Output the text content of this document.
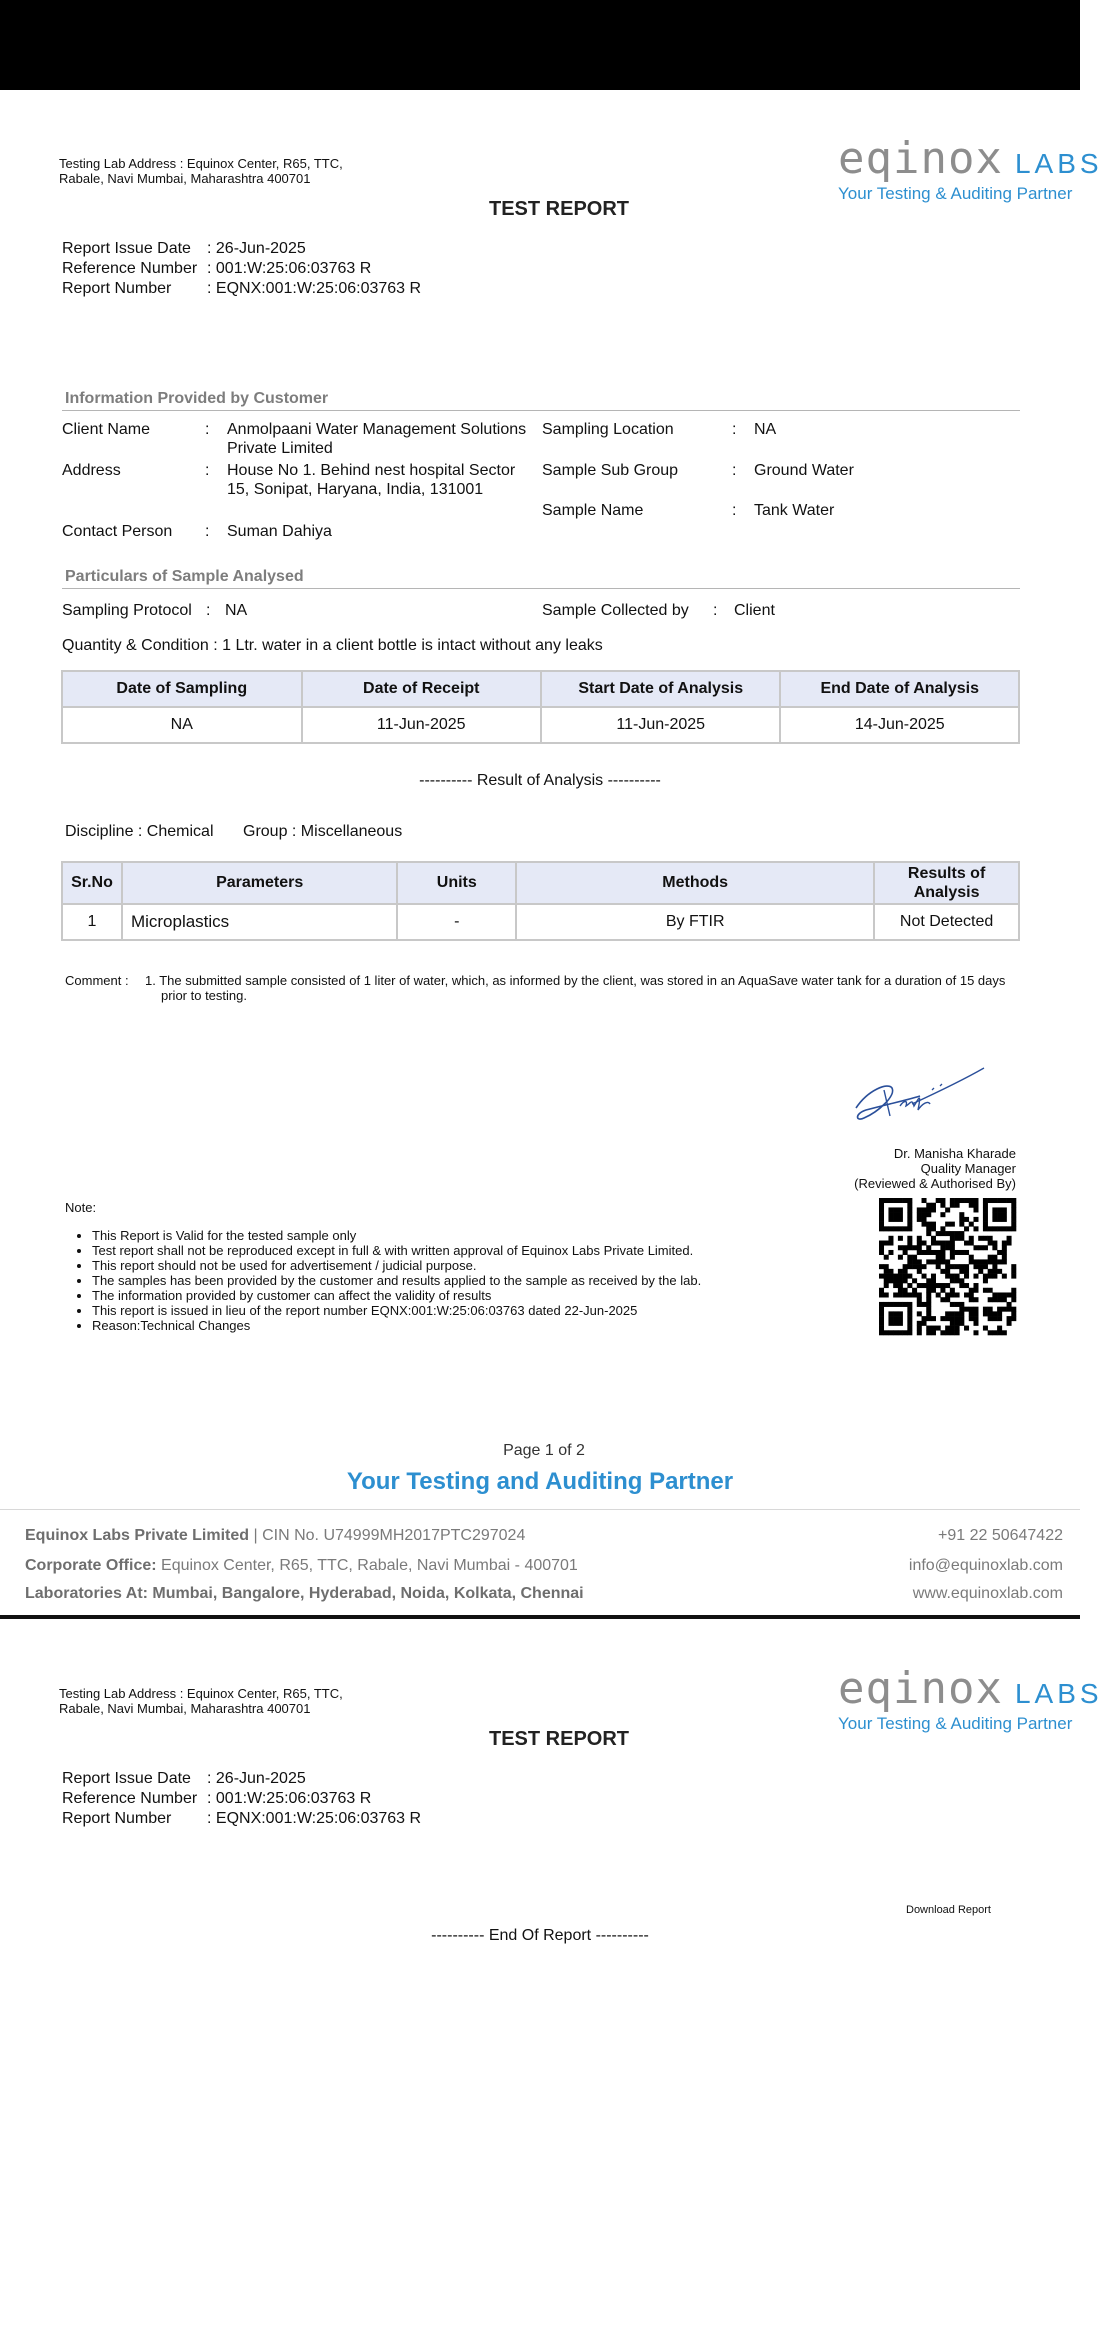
Testing Lab Address : Equinox Center, R65, TTC, Rabale, Navi Mumbai, Maharashtra 400701	eqinox LABS
Your Testing & Auditing Partner
TEST REPORT
Report Issue Date	: 26-Jun-2025
Reference Number : 001:W:25:06:03763 R
Report Number	: EQNX:001:W:25:06:03763 R
Information Provided by Customer
Client Name	: Anmolpaani Water Management Solutions Private Limited
Address	: House No 1. Behind nest hospital Sector 15, Sonipat, Haryana, India, 131001
Contact Person : Suman Dahiya
Sampling Location	: NA
Sample Sub Group	: Ground Water
Sample Name	: Tank Water
Particulars of Sample Analysed
Sampling Protocol : NA	Sample Collected by : Client
Quantity & Condition : 1 Ltr. water in a client bottle is intact without any leaks
Date of Sampling	Date of Receipt	Start Date of Analysis	End Date of Analysis
NA	11-Jun-2025	11-Jun-2025	14-Jun-2025
---------- Result of Analysis ----------
Discipline : Chemical Group : Miscellaneous
Sr.No	Parameters	Units	Methods	Results of Analysis
1	Microplastics	-	By FTIR	Not Detected
Comment :	1. The submitted sample consisted of 1 liter of water, which, as informed by the client, was stored in an AquaSave water tank for a duration of 15 days prior to testing.
Dr. Manisha Kharade
Quality Manager
(Reviewed & Authorised By)
Note:
• This Report is Valid for the tested sample only
• Test report shall not be reproduced except in full & with written approval of Equinox Labs Private Limited.
• This report should not be used for advertisement / judicial purpose.
• The samples has been provided by the customer and results applied to the sample as received by the lab.
• The information provided by customer can affect the validity of results
• This report is issued in lieu of the report number EQNX:001:W:25:06:03763 dated 22-Jun-2025
• Reason:Technical Changes
Page 1 of 2
Your Testing and Auditing Partner
Equinox Labs Private Limited | CIN No. U74999MH2017PTC297024
Corporate Office: Equinox Center, R65, TTC, Rabale, Navi Mumbai - 400701
Laboratories At: Mumbai, Bangalore, Hyderabad, Noida, Kolkata, Chennai
+91 22 50647422
info@equinoxlab.com
www.equinoxlab.com
Testing Lab Address : Equinox Center, R65, TTC, Rabale, Navi Mumbai, Maharashtra 400701	eqinox LABS
Your Testing & Auditing Partner
TEST REPORT
Report Issue Date	: 26-Jun-2025
Reference Number : 001:W:25:06:03763 R
Report Number	: EQNX:001:W:25:06:03763 R
Download Report
---------- End Of Report ----------
